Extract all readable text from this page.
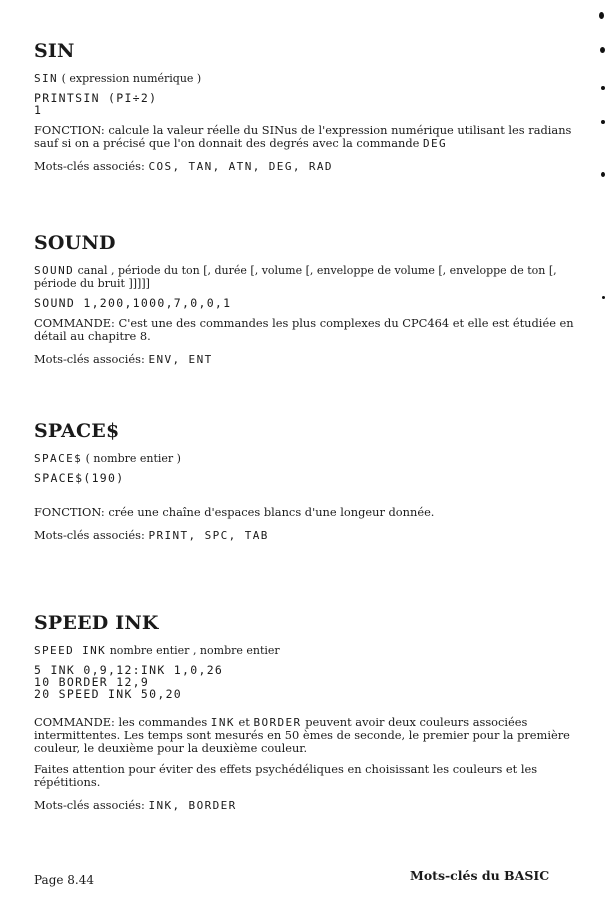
SIN

SIN ( expression numérique )

PRINTSIN (PI÷2)
1

FONCTION: calcule la valeur réelle du SINus de l'expression numérique utilisant les radians sauf si on a précisé que l'on donnait des degrés avec la commande DEG

Mots-clés associés: COS, TAN, ATN, DEG, RAD

SOUND

SOUND canal , période du ton [, durée [, volume [, enveloppe de volume [, enveloppe de ton [, période du bruit ]]]]]

SOUND 1,200,1000,7,0,0,1

COMMANDE: C'est une des commandes les plus complexes du CPC464 et elle est étudiée en détail au chapitre 8.

Mots-clés associés: ENV, ENT

SPACE$

SPACE$ ( nombre entier )

SPACE$(190)

FONCTION: crée une chaîne d'espaces blancs d'une longeur donnée.

Mots-clés associés: PRINT, SPC, TAB

SPEED INK

SPEED INK nombre entier , nombre entier

5 INK 0,9,12:INK 1,0,26
10 BORDER 12,9
20 SPEED INK 50,20

COMMANDE: les commandes INK et BORDER peuvent avoir deux couleurs associées intermittentes. Les temps sont mesurés en 50 èmes de seconde, le premier pour la première couleur, le deuxième pour la deuxième couleur.

Faites attention pour éviter des effets psychédéliques en choisissant les couleurs et les répétitions.

Mots-clés associés: INK, BORDER

Page 8.44	Mots-clés du BASIC
